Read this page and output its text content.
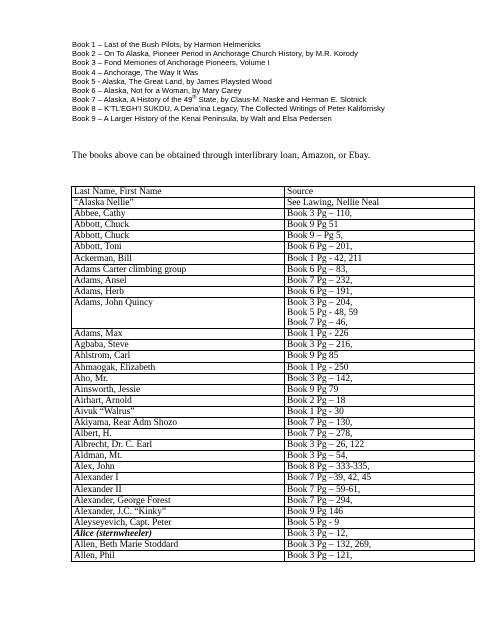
Book 1 – Last of the Bush Pilots, by Harmon Helmericks
Book 2 – On To Alaska, Pioneer Period in Anchorage Church History, by M.R. Korody
Book 3 – Fond Memories of Anchorage Pioneers, Volume I
Book 4 – Anchorage, The Way It Was
Book 5 - Alaska, The Great Land, by James Playsted Wood
Book 6 – Alaska, Not for a Woman, by Mary Carey
Book 7 – Alaska, A History of the 49th State, by Claus-M. Naske and Herman E. Slotnick
Book 8 – K’TL’EGH’I SUKDU, A Dena’ina Legacy, The Collected Writings of Peter Kalifornsky
Book 9 – A Larger History of the Kenai Peninsula, by Walt and Elsa Pedersen
The books above can be obtained through interlibrary loan, Amazon, or Ebay.
Last Name, First Name	Source
“Alaska Nellie”	See Lawing, Nellie Neal
Abbee, Cathy	Book 3 Pg – 110,
Abbott, Chuck	Book 9 Pg 51
Abbott, Chuck	Book 9 – Pg 5,
Abbott, Toni	Book 6 Pg – 201,
Ackerman, Bill	Book 1 Pg - 42, 211
Adams Carter climbing group	Book 6 Pg – 83,
Adams, Ansel	Book 7 Pg – 232,
Adams, Herb	Book 6 Pg – 191,
Adams, John Quincy	Book 3 Pg – 204,
Book 5 Pg - 48, 59
Book 7 Pg – 46,

Adams, Max	Book 1 Pg - 226
Agbaba, Steve	Book 3 Pg – 216,
Ahlstrom, Carl	Book 9 Pg 85
Ahmaogak, Elizabeth	Book 1 Pg - 250
Aho, Mr.	Book 3 Pg – 142,
Ainsworth, Jessie	Book 9 Pg 79
Airhart, Arnold	Book 2 Pg – 18
Aivuk “Walrus”	Book 1 Pg - 30
Akiyama, Rear Adm Shozo	Book 7 Pg – 130,
Albert, H.	Book 7 Pg – 278,
Albrecht, Dr. C. Earl	Book 3 Pg – 26, 122
Aldman, Mt.	Book 3 Pg – 54,
Alex, John	Book 8 Pg – 333-335,
Alexander I	Book 7 Pg –39, 42, 45
Alexander II	Book 7 Pg – 59-61,
Alexander, George Forest	Book 7 Pg – 294,
Alexander, J.C. “Kinky”	Book 9 Pg 146
Aleyseyevich, Capt. Peter	Book 5 Pg - 9
Alice (sternwheeler)	Book 3 Pg – 12,
Allen, Beth Marie Stoddard	Book 3 Pg – 132, 269,
Allen, Phil	Book 3 Pg – 121,
